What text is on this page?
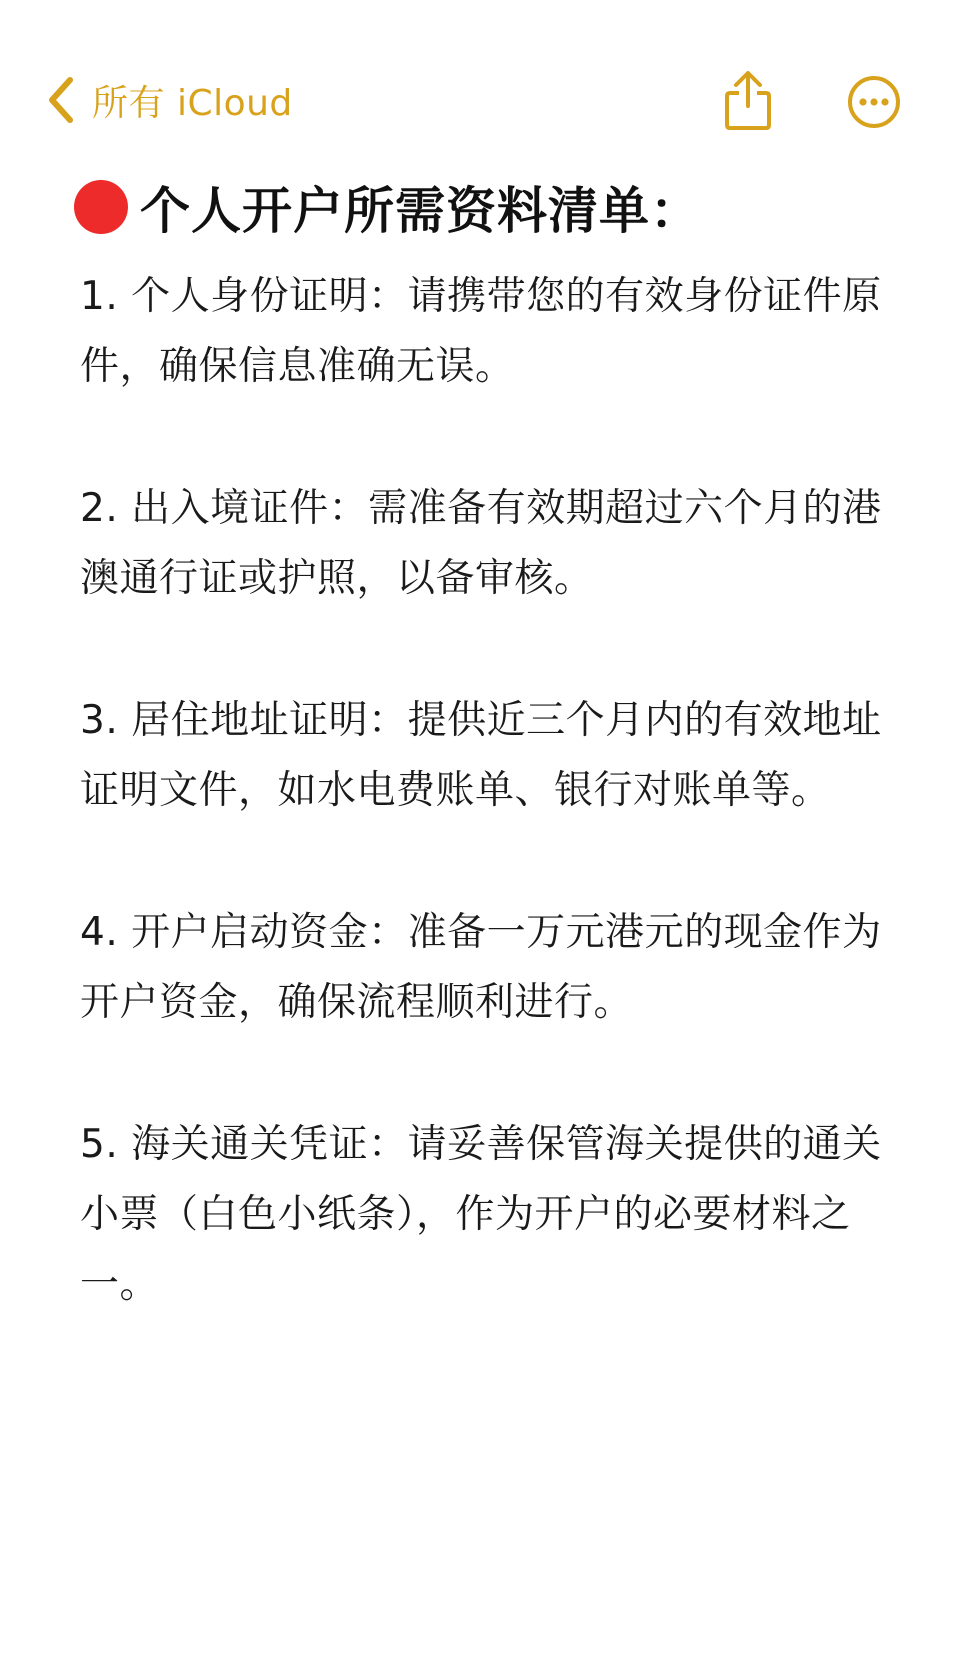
所有 iCloud
个人开户所需资料清单：
1. 个人身份证明：请携带您的有效身份证件原件，确保信息准确无误。
2. 出入境证件：需准备有效期超过六个月的港澳通行证或护照，以备审核。
3. 居住地址证明：提供近三个月内的有效地址证明文件，如水电费账单、银行对账单等。
4. 开户启动资金：准备一万元港元的现金作为开户资金，确保流程顺利进行。
5. 海关通关凭证：请妥善保管海关提供的通关小票（白色小纸条），作为开户的必要材料之一。
